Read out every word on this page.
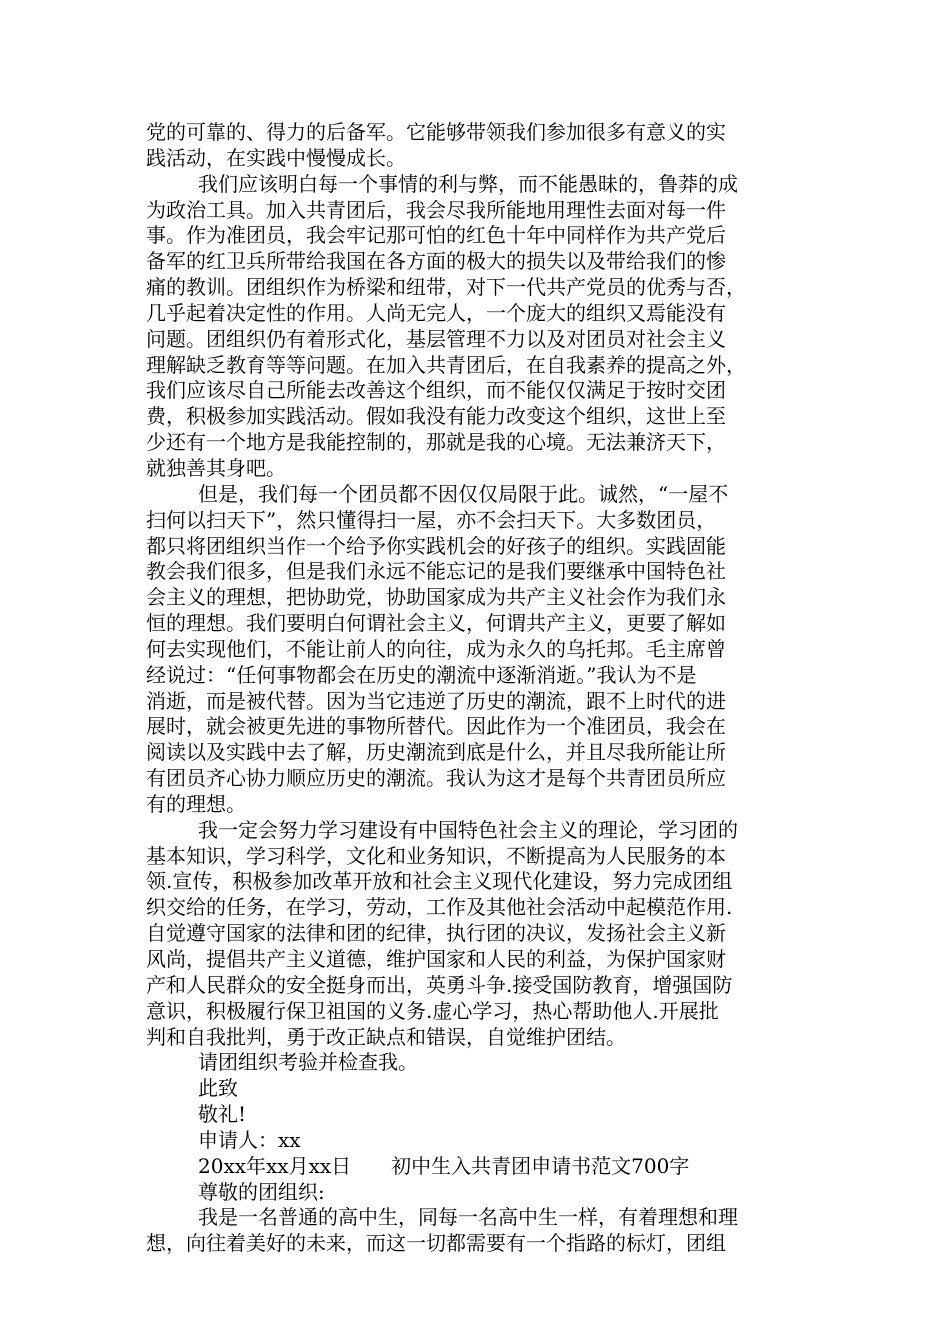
党的可靠的、得力的后备军。它能够带领我们参加很多有意义的实
践活动，在实践中慢慢成长。
我们应该明白每一个事情的利与弊，而不能愚昧的，鲁莽的成
为政治工具。加入共青团后，我会尽我所能地用理性去面对每一件
事。作为准团员，我会牢记那可怕的红色十年中同样作为共产党后
备军的红卫兵所带给我国在各方面的极大的损失以及带给我们的惨
痛的教训。团组织作为桥梁和纽带，对下一代共产党员的优秀与否，
几乎起着决定性的作用。人尚无完人，一个庞大的组织又焉能没有
问题。团组织仍有着形式化，基层管理不力以及对团员对社会主义
理解缺乏教育等等问题。在加入共青团后，在自我素养的提高之外，
我们应该尽自己所能去改善这个组织，而不能仅仅满足于按时交团
费，积极参加实践活动。假如我没有能力改变这个组织，这世上至
少还有一个地方是我能控制的，那就是我的心境。无法兼济天下，
就独善其身吧。
但是，我们每一个团员都不因仅仅局限于此。诚然，“一屋不
扫何以扫天下”，然只懂得扫一屋，亦不会扫天下。大多数团员，
都只将团组织当作一个给予你实践机会的好孩子的组织。实践固能
教会我们很多，但是我们永远不能忘记的是我们要继承中国特色社
会主义的理想，把协助党，协助国家成为共产主义社会作为我们永
恒的理想。我们要明白何谓社会主义，何谓共产主义，更要了解如
何去实现他们，不能让前人的向往，成为永久的乌托邦。毛主席曾
经说过：“任何事物都会在历史的潮流中逐渐消逝。”我认为不是
消逝，而是被代替。因为当它违逆了历史的潮流，跟不上时代的进
展时，就会被更先进的事物所替代。因此作为一个准团员，我会在
阅读以及实践中去了解，历史潮流到底是什么，并且尽我所能让所
有团员齐心协力顺应历史的潮流。我认为这才是每个共青团员所应
有的理想。
我一定会努力学习建设有中国特色社会主义的理论，学习团的
基本知识，学习科学，文化和业务知识，不断提高为人民服务的本
领.宣传，积极参加改革开放和社会主义现代化建设，努力完成团组
织交给的任务，在学习，劳动，工作及其他社会活动中起模范作用.
自觉遵守国家的法律和团的纪律，执行团的决议，发扬社会主义新
风尚，提倡共产主义道德，维护国家和人民的利益，为保护国家财
产和人民群众的安全挺身而出，英勇斗争.接受国防教育，增强国防
意识，积极履行保卫祖国的义务.虚心学习，热心帮助他人.开展批
判和自我批判，勇于改正缺点和错误，自觉维护团结。
请团组织考验并检查我。
此致
敬礼!
申请人：xx
20xx年xx月xx日　　初中生入共青团申请书范文700字
尊敬的团组织:
我是一名普通的高中生，同每一名高中生一样，有着理想和理
想，向往着美好的未来，而这一切都需要有一个指路的标灯，团组
